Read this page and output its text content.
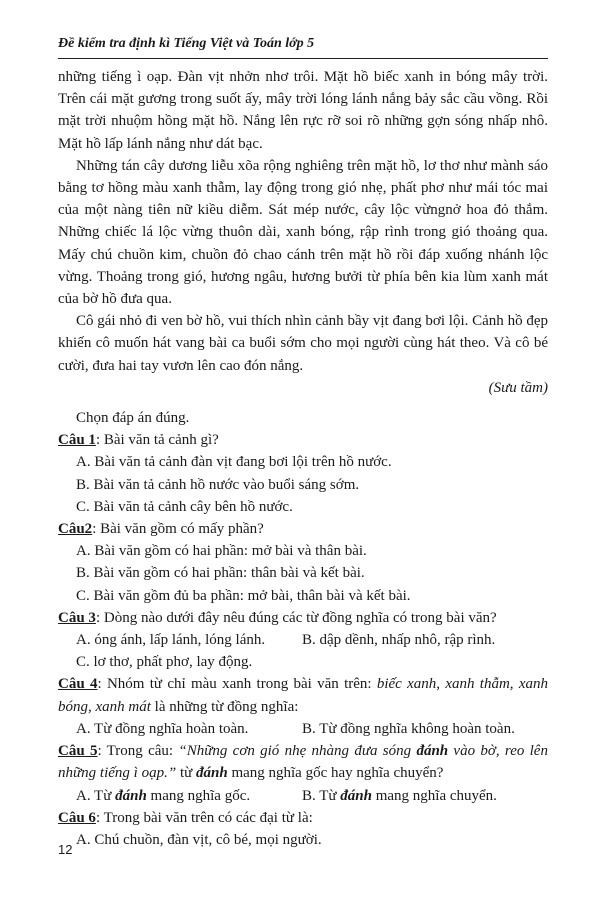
Đề kiểm tra định kì Tiếng Việt và Toán lớp 5

những tiếng ì oạp. Đàn vịt nhởn nhơ trôi. Mặt hồ biếc xanh in bóng mây trời. Trên cái mặt gương trong suốt ấy, mây trời lóng lánh nắng bảy sắc cầu vồng. Rồi mặt trời nhuộm hồng mặt hồ. Nắng lên rực rỡ soi rõ những gợn sóng nhấp nhô. Mặt hồ lấp lánh nắng như dát bạc.

Những tán cây dương liễu xõa rộng nghiêng trên mặt hồ, lơ thơ như mành sáo bằng tơ hồng màu xanh thẫm, lay động trong gió nhẹ, phất phơ như mái tóc mai của một nàng tiên nữ kiều diễm. Sát mép nước, cây lộc vừngnở hoa đỏ thắm. Những chiếc lá lộc vừng thuôn dài, xanh bóng, rập rình trong gió thoảng qua. Mấy chú chuồn kim, chuồn đỏ chao cánh trên mặt hồ rồi đáp xuống nhánh lộc vừng. Thoảng trong gió, hương ngâu, hương bưởi từ phía bên kia lùm xanh mát của bờ hồ đưa qua.

Cô gái nhỏ đi ven bờ hồ, vui thích nhìn cảnh bầy vịt đang bơi lội. Cảnh hồ đẹp khiến cô muốn hát vang bài ca buổi sớm cho mọi người cùng hát theo. Và cô bé cười, đưa hai tay vươn lên cao đón nắng.

(Sưu tầm)

Chọn đáp án đúng.

Câu 1: Bài văn tả cảnh gì?

A. Bài văn tả cảnh đàn vịt đang bơi lội trên hồ nước.

B. Bài văn tả cảnh hồ nước vào buổi sáng sớm.

C. Bài văn tả cảnh cây bên hồ nước.

Câu2: Bài văn gồm có mấy phần?

A. Bài văn gồm có hai phần: mở bài và thân bài.

B. Bài văn gồm có hai phần: thân bài và kết bài.

C. Bài văn gồm đủ ba phần: mở bài, thân bài và kết bài.

Câu 3: Dòng nào dưới đây nêu đúng các từ đồng nghĩa có trong bài văn?

A. óng ánh, lấp lánh, lóng lánh.	B. dập dềnh, nhấp nhô, rập rình.

C. lơ thơ, phất phơ, lay động.

Câu 4: Nhóm từ chỉ màu xanh trong bài văn trên: biếc xanh, xanh thẫm, xanh bóng, xanh mát là những từ đồng nghĩa:

A. Từ đồng nghĩa hoàn toàn.	B. Từ đồng nghĩa không hoàn toàn.

Câu 5: Trong câu: “Những cơn gió nhẹ nhàng đưa sóng đánh vào bờ, reo lên những tiếng ì oạp.” từ đánh mang nghĩa gốc hay nghĩa chuyển?

A. Từ đánh mang nghĩa gốc.	B. Từ đánh mang nghĩa chuyển.

Câu 6: Trong bài văn trên có các đại từ là:

A. Chú chuồn, đàn vịt, cô bé, mọi người.

12
